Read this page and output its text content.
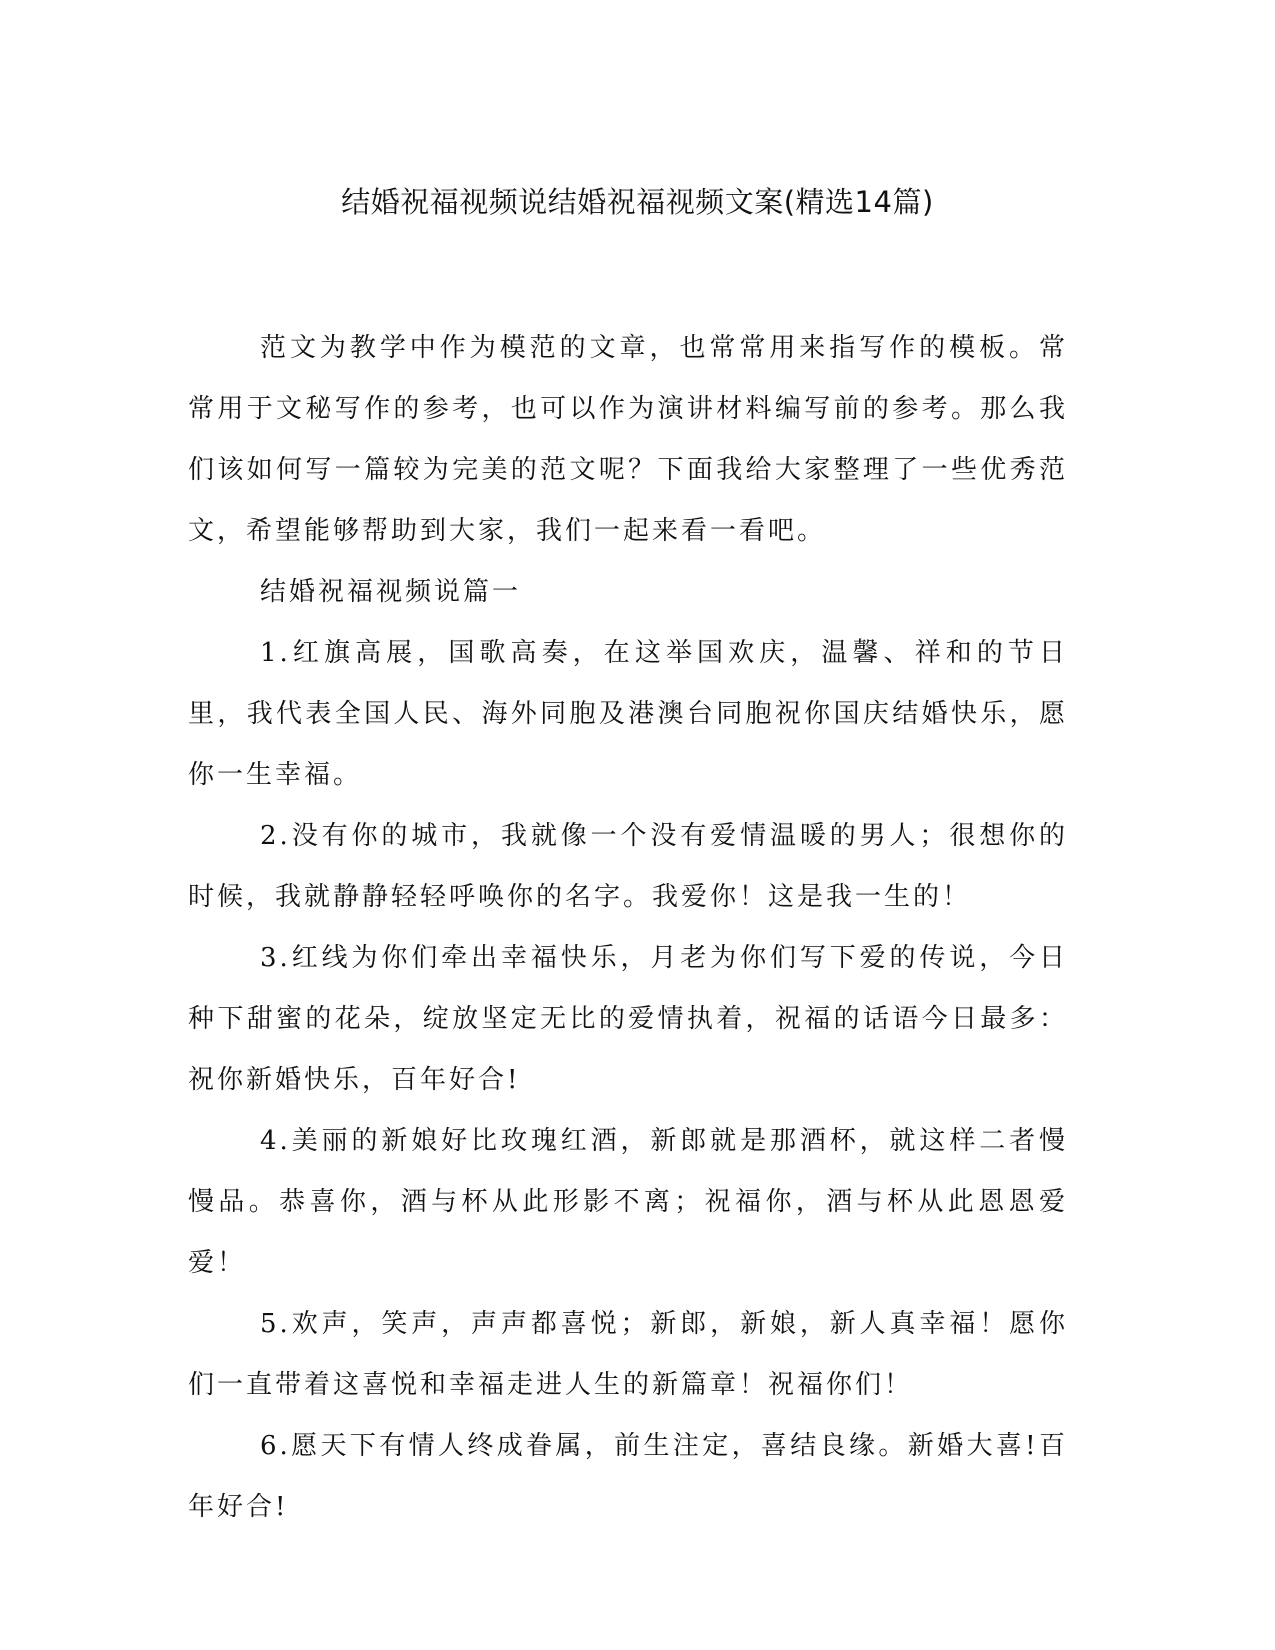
结婚祝福视频说结婚祝福视频文案(精选14篇)

范文为教学中作为模范的文章，也常常用来指写作的模板。常常用于文秘写作的参考，也可以作为演讲材料编写前的参考。那么我们该如何写一篇较为完美的范文呢？下面我给大家整理了一些优秀范文，希望能够帮助到大家，我们一起来看一看吧。

结婚祝福视频说篇一

1.红旗高展，国歌高奏，在这举国欢庆，温馨、祥和的节日里，我代表全国人民、海外同胞及港澳台同胞祝你国庆结婚快乐，愿你一生幸福。

2.没有你的城市，我就像一个没有爱情温暖的男人；很想你的时候，我就静静轻轻呼唤你的名字。我爱你！这是我一生的！

3.红线为你们牵出幸福快乐，月老为你们写下爱的传说，今日种下甜蜜的花朵，绽放坚定无比的爱情执着，祝福的话语今日最多：祝你新婚快乐，百年好合!

4.美丽的新娘好比玫瑰红酒，新郎就是那酒杯，就这样二者慢慢品。恭喜你，酒与杯从此形影不离；祝福你，酒与杯从此恩恩爱爱！

5.欢声，笑声，声声都喜悦；新郎，新娘，新人真幸福！愿你们一直带着这喜悦和幸福走进人生的新篇章！祝福你们！

6.愿天下有情人终成眷属，前生注定，喜结良缘。新婚大喜!百年好合!
